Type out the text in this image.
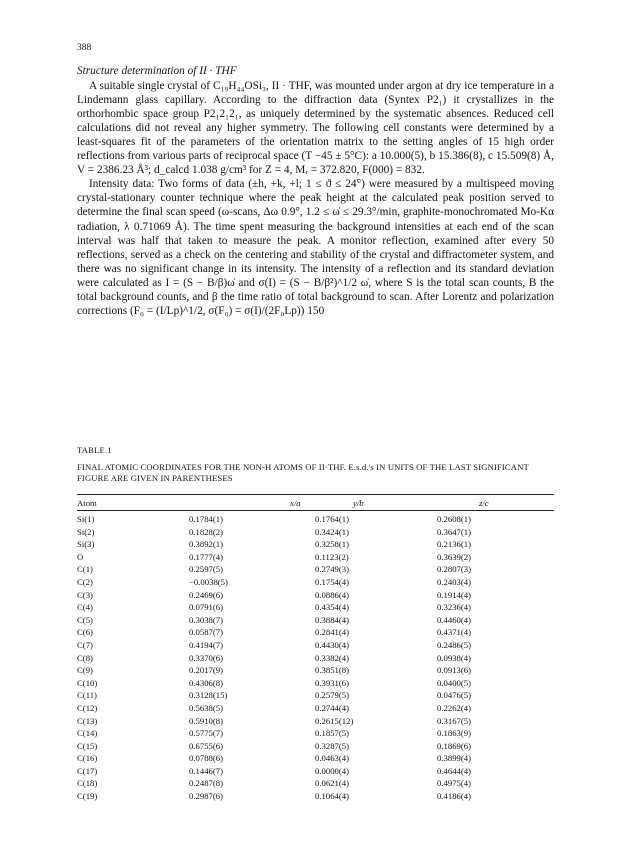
388

Structure determination of II · THF

A suitable single crystal of C₁₉H₄₄OSi₃, II · THF, was mounted under argon at dry ice temperature in a Lindemann glass capillary. According to the diffraction data (Syntex P2₁) it crystallizes in the orthorhombic space group P2₁2₁2₁, as uniquely determined by the systematic absences. Reduced cell calculations did not reveal any higher symmetry. The following cell constants were determined by a least-squares fit of the parameters of the orientation matrix to the setting angles of 15 high order reflections from various parts of reciprocal space (T −45 ± 5°C): a 10.000(5), b 15.386(8), c 15.509(8) Å, V = 2386.23 Å³; d_calcd 1.038 g/cm³ for Z = 4, Mᵣ = 372.820, F(000) = 832.

Intensity data: Two forms of data (±h, +k, +l; 1 ≤ ϑ ≤ 24°) were measured by a multispeed moving crystal-stationary counter technique where the peak height at the calculated peak position served to determine the final scan speed (ω-scans, Δω 0.9°, 1.2 ≤ ω̇ ≤ 29.3°/min, graphite-monochromated Mo-Kα radiation, λ 0.71069 Å). The time spent measuring the background intensities at each end of the scan interval was half that taken to measure the peak. A monitor reflection, examined after every 50 reflections, served as a check on the centering and stability of the crystal and diffractometer system, and there was no significant change in its intensity. The intensity of a reflection and its standard deviation were calculated as I = (S − B/β)ω̇ and σ(I) = (S − B/β²)^1/2 ω̇, where S is the total scan counts, B the total background counts, and β the time ratio of total background to scan. After Lorentz and polarization corrections (F₀ = (I/Lp)^1/2, σ(F₀) = σ(I)/(2F₀Lp)) 150

TABLE 1
FINAL ATOMIC COORDINATES FOR THE NON-H ATOMS OF II·THF. E.s.d.'s IN UNITS OF THE LAST SIGNIFICANT FIGURE ARE GIVEN IN PARENTHESES
Atom	x/a	y/b	z/c
Si(1)	0.1784(1)	0.1764(1)	0.2608(1)
Si(2)	0.1828(2)	0.3424(1)	0.3647(1)
Si(3)	0.3892(1)	0.3258(1)	0.2136(1)
O	0.1777(4)	0.1123(2)	0.3639(2)
C(1)	0.2597(5)	0.2749(3)	0.2807(3)
C(2)	−0.0038(5)	0.1754(4)	0.2403(4)
C(3)	0.2469(6)	0.0886(4)	0.1914(4)
C(4)	0.0791(6)	0.4354(4)	0.3236(4)
C(5)	0.3038(7)	0.3884(4)	0.4460(4)
C(6)	0.0587(7)	0.2841(4)	0.4371(4)
C(7)	0.4194(7)	0.4430(4)	0.2486(5)
C(8)	0.3370(6)	0.3382(4)	0.0938(4)
C(9)	0.2017(9)	0.3851(8)	0.0913(6)
C(10)	0.4306(8)	0.3931(6)	0.0400(5)
C(11)	0.3128(15)	0.2579(5)	0.0476(5)
C(12)	0.5638(5)	0.2744(4)	0.2262(4)
C(13)	0.5910(8)	0.2615(12)	0.3167(5)
C(14)	0.5775(7)	0.1857(5)	0.1863(9)
C(15)	0.6755(6)	0.3287(5)	0.1869(6)
C(16)	0.0788(6)	0.0463(4)	0.3899(4)
C(17)	0.1446(7)	0.0000(4)	0.4644(4)
C(18)	0.2487(8)	0.0621(4)	0.4975(4)
C(19)	0.2987(6)	0.1064(4)	0.4186(4)
